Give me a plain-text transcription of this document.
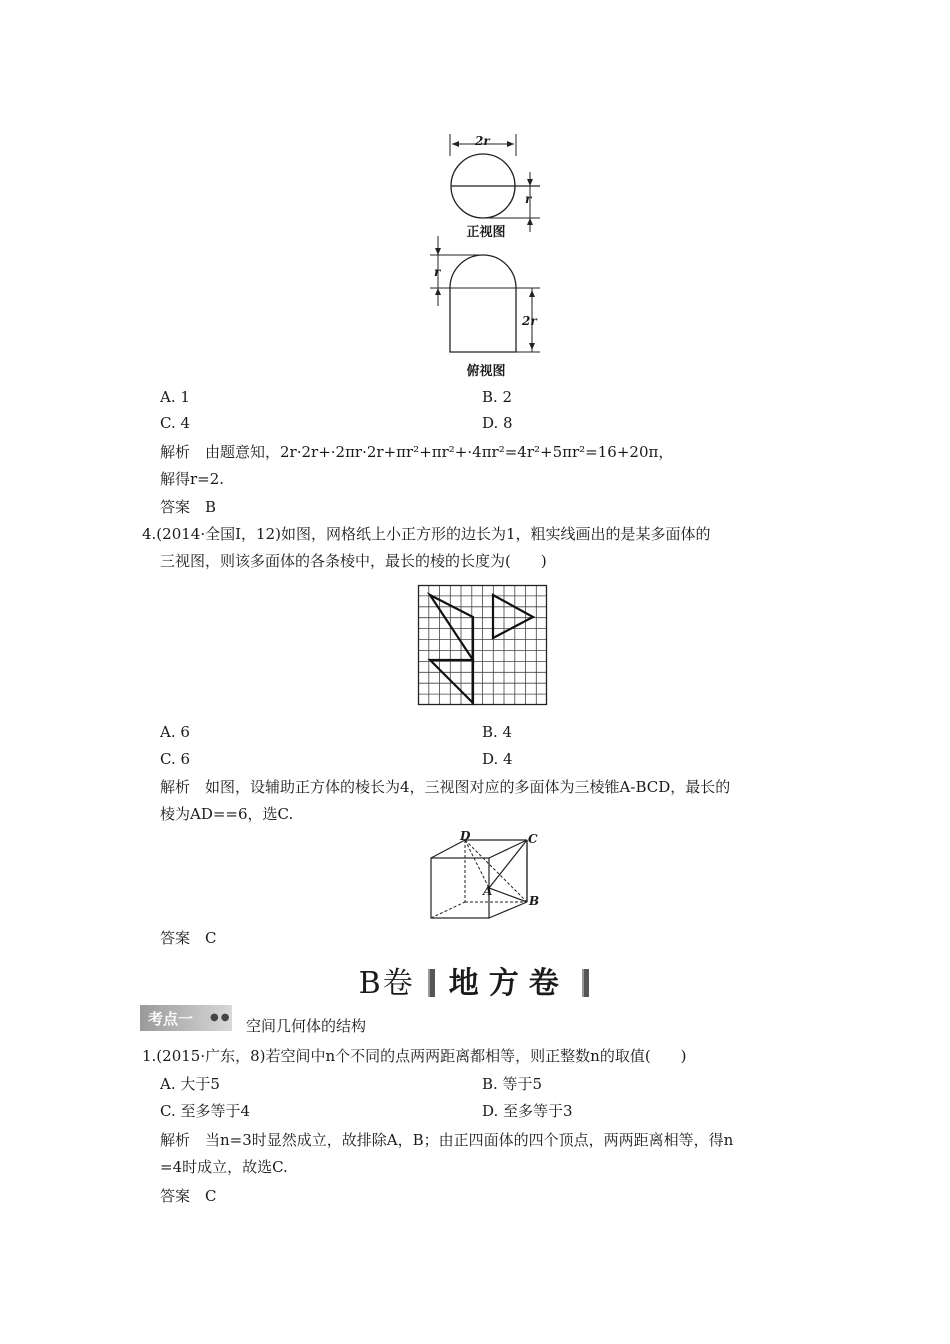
2r
r
正视图
r
2r
俯视图
A. 1	B. 2
C. 4	D. 8
解析　由题意知，2r·2r+·2πr·2r+πr²+πr²+·4πr²=4r²+5πr²=16+20π，
解得r=2.
答案　B
4.(2014·全国Ⅰ，12)如图，网格纸上小正方形的边长为1，粗实线画出的是某多面体的
三视图，则该多面体的各条棱中，最长的棱的长度为(　　)
A. 6	B. 4
C. 6	D. 4
解析　如图，设辅助正方体的棱长为4，三视图对应的多面体为三棱锥A-BCD，最长的
棱为AD==6，选C.
D	C
A
B
答案　C
B卷 地方卷
考点一 ●● 空间几何体的结构
1.(2015·广东，8)若空间中n个不同的点两两距离都相等，则正整数n的取值(　　)
A. 大于5	B. 等于5
C. 至多等于4	D. 至多等于3
解析　当n=3时显然成立，故排除A，B；由正四面体的四个顶点，两两距离相等，得n
=4时成立，故选C.
答案　C
